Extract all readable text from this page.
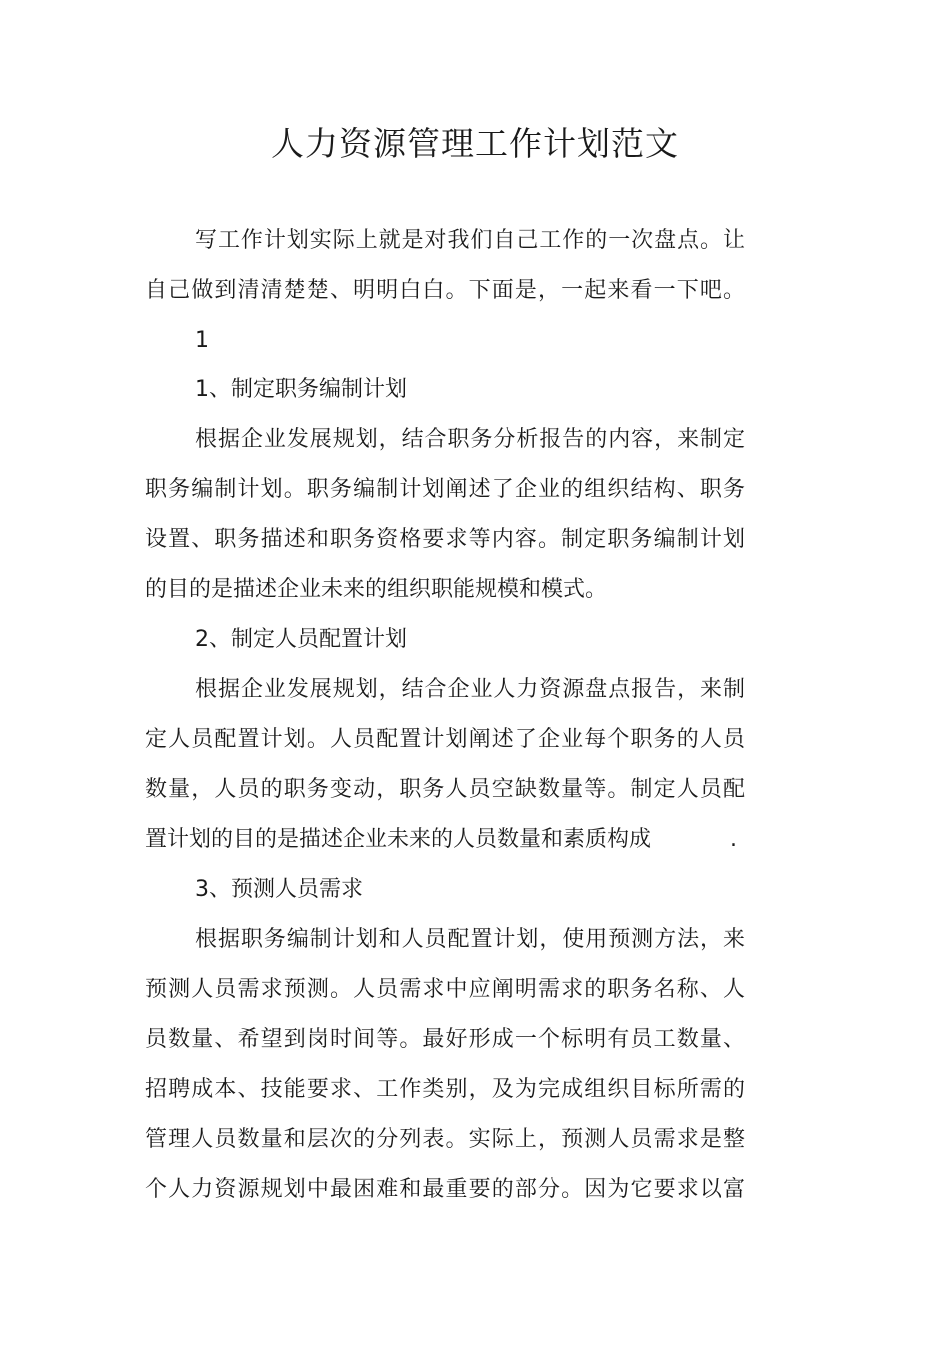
人力资源管理工作计划范文

写工作计划实际上就是对我们自己工作的一次盘点。让

自己做到清清楚楚、明明白白。下面是，一起来看一下吧。

1

1、制定职务编制计划

根据企业发展规划，结合职务分析报告的内容，来制定

职务编制计划。职务编制计划阐述了企业的组织结构、职务

设置、职务描述和职务资格要求等内容。制定职务编制计划

的目的是描述企业未来的组织职能规模和模式。

2、制定人员配置计划

根据企业发展规划，结合企业人力资源盘点报告，来制

定人员配置计划。人员配置计划阐述了企业每个职务的人员

数量，人员的职务变动，职务人员空缺数量等。制定人员配

置计划的目的是描述企业未来的人员数量和素质构成	.

3、预测人员需求

根据职务编制计划和人员配置计划，使用预测方法，来

预测人员需求预测。人员需求中应阐明需求的职务名称、人

员数量、希望到岗时间等。最好形成一个标明有员工数量、

招聘成本、技能要求、工作类别，及为完成组织目标所需的

管理人员数量和层次的分列表。实际上，预测人员需求是整

个人力资源规划中最困难和最重要的部分。因为它要求以富
